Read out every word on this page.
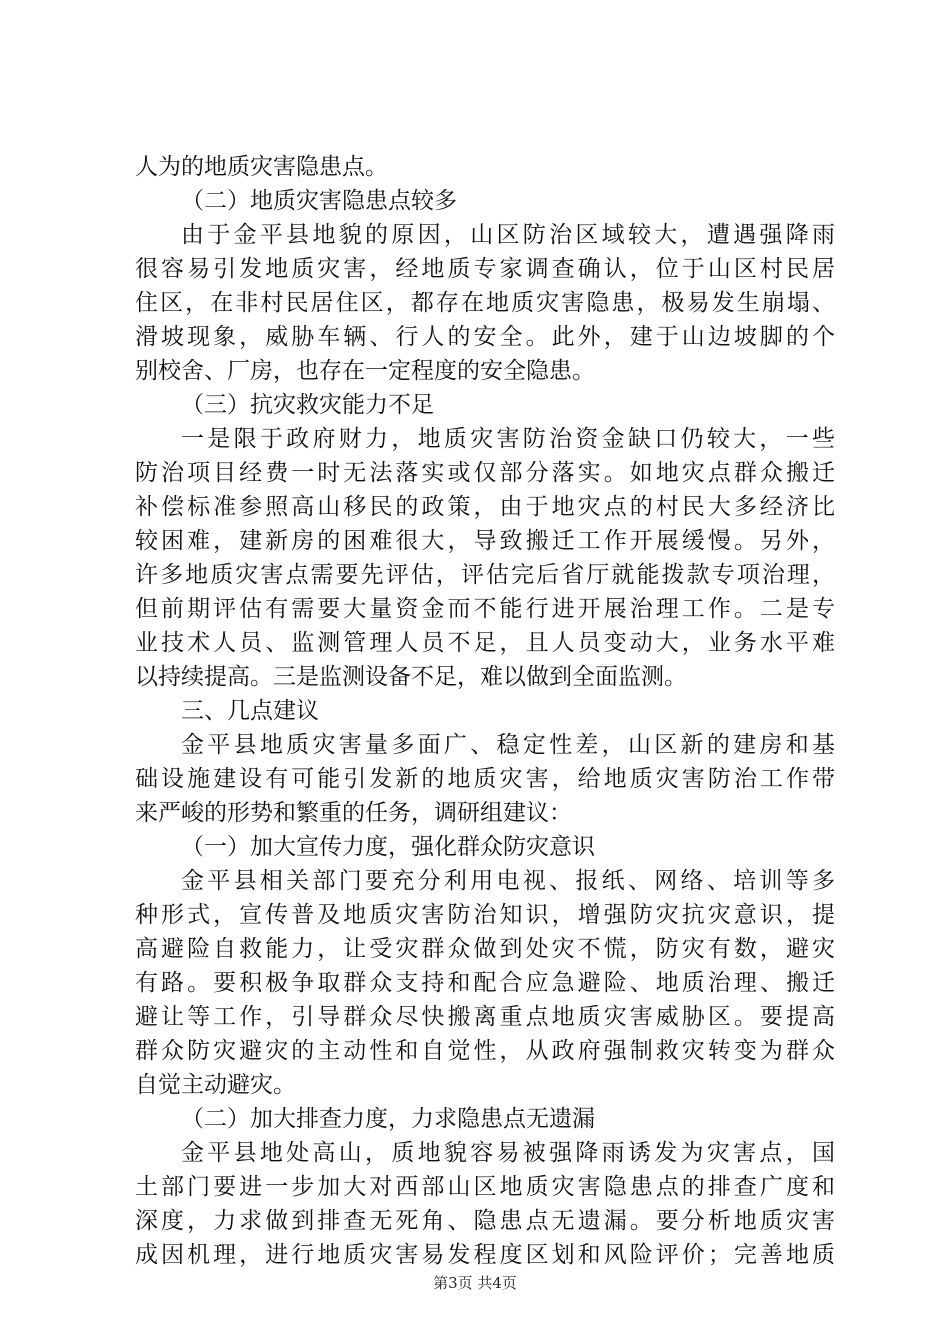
人为的地质灾害隐患点。
（二）地质灾害隐患点较多
由于金平县地貌的原因，山区防治区域较大，遭遇强降雨
很容易引发地质灾害，经地质专家调查确认，位于山区村民居
住区，在非村民居住区，都存在地质灾害隐患，极易发生崩塌、
滑坡现象，威胁车辆、行人的安全。此外，建于山边坡脚的个
别校舍、厂房，也存在一定程度的安全隐患。
（三）抗灾救灾能力不足
一是限于政府财力，地质灾害防治资金缺口仍较大，一些
防治项目经费一时无法落实或仅部分落实。如地灾点群众搬迁
补偿标准参照高山移民的政策，由于地灾点的村民大多经济比
较困难，建新房的困难很大，导致搬迁工作开展缓慢。另外，
许多地质灾害点需要先评估，评估完后省厅就能拨款专项治理，
但前期评估有需要大量资金而不能行进开展治理工作。二是专
业技术人员、监测管理人员不足，且人员变动大，业务水平难
以持续提高。三是监测设备不足，难以做到全面监测。
三、几点建议
金平县地质灾害量多面广、稳定性差，山区新的建房和基
础设施建设有可能引发新的地质灾害，给地质灾害防治工作带
来严峻的形势和繁重的任务，调研组建议：
（一）加大宣传力度，强化群众防灾意识
金平县相关部门要充分利用电视、报纸、网络、培训等多
种形式，宣传普及地质灾害防治知识，增强防灾抗灾意识，提
高避险自救能力，让受灾群众做到处灾不慌，防灾有数，避灾
有路。要积极争取群众支持和配合应急避险、地质治理、搬迁
避让等工作，引导群众尽快搬离重点地质灾害威胁区。要提高
群众防灾避灾的主动性和自觉性，从政府强制救灾转变为群众
自觉主动避灾。
（二）加大排查力度，力求隐患点无遗漏
金平县地处高山，质地貌容易被强降雨诱发为灾害点，国
土部门要进一步加大对西部山区地质灾害隐患点的排查广度和
深度，力求做到排查无死角、隐患点无遗漏。要分析地质灾害
成因机理，进行地质灾害易发程度区划和风险评价；完善地质
第3页 共4页
